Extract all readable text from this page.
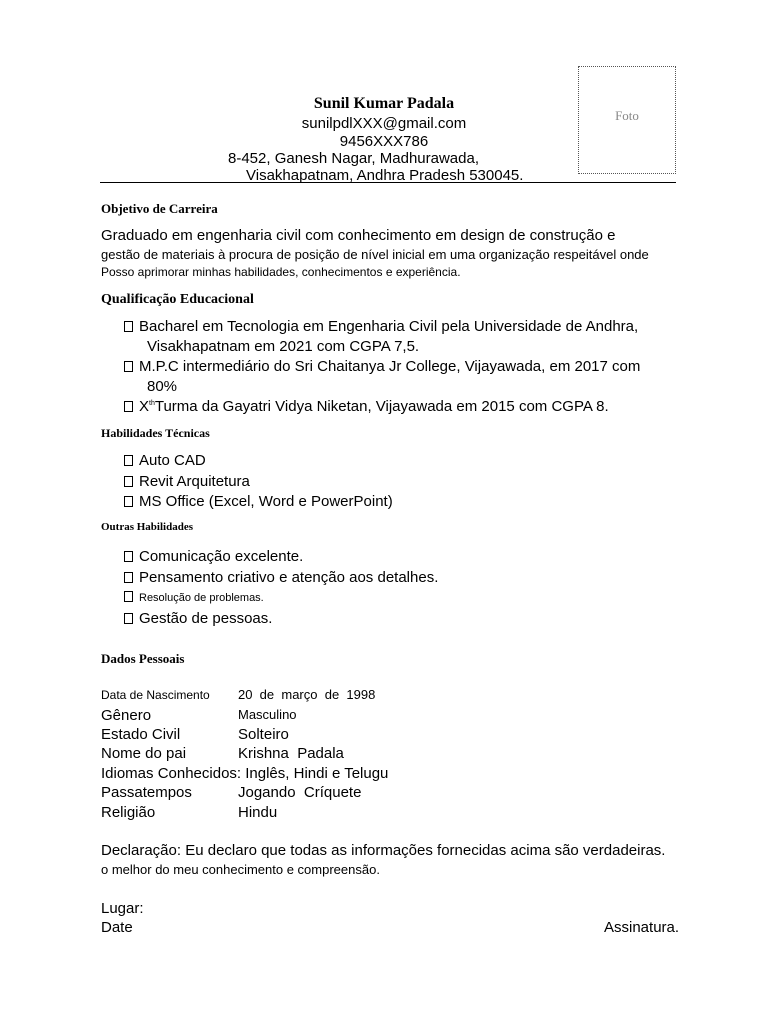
Sunil Kumar Padala
sunilpdlXXX@gmail.com
9456XXX786
8-452, Ganesh Nagar, Madhurawada,
Visakhapatnam, Andhra Pradesh 530045.
Foto
Objetivo de Carreira
Graduado em engenharia civil com conhecimento em design de construção e
gestão de materiais à procura de posição de nível inicial em uma organização respeitável onde
Posso aprimorar minhas habilidades, conhecimentos e experiência.
Qualificação Educacional
Bacharel em Tecnologia em Engenharia Civil pela Universidade de Andhra,
Visakhapatnam em 2021 com CGPA 7,5.
M.P.C intermediário do Sri Chaitanya Jr College, Vijayawada, em 2017 com
80%
XthTurma da Gayatri Vidya Niketan, Vijayawada em 2015 com CGPA 8.
Habilidades Técnicas
Auto CAD
Revit Arquitetura
MS Office (Excel, Word e PowerPoint)
Outras Habilidades
Comunicação excelente.
Pensamento criativo e atenção aos detalhes.
Resolução de problemas.
Gestão de pessoas.
Dados Pessoais
Data de Nascimento 20  de  março  de  1998
Gênero	Masculino
Estado Civil	Solteiro
Nome do pai	Krishna  Padala
Idiomas Conhecidos: Inglês, Hindi e Telugu
Passatempos	Jogando  Críquete
Religião	Hindu
Declaração: Eu declaro que todas as informações fornecidas acima são verdadeiras.
o melhor do meu conhecimento e compreensão.
Lugar:
Date	Assinatura.
